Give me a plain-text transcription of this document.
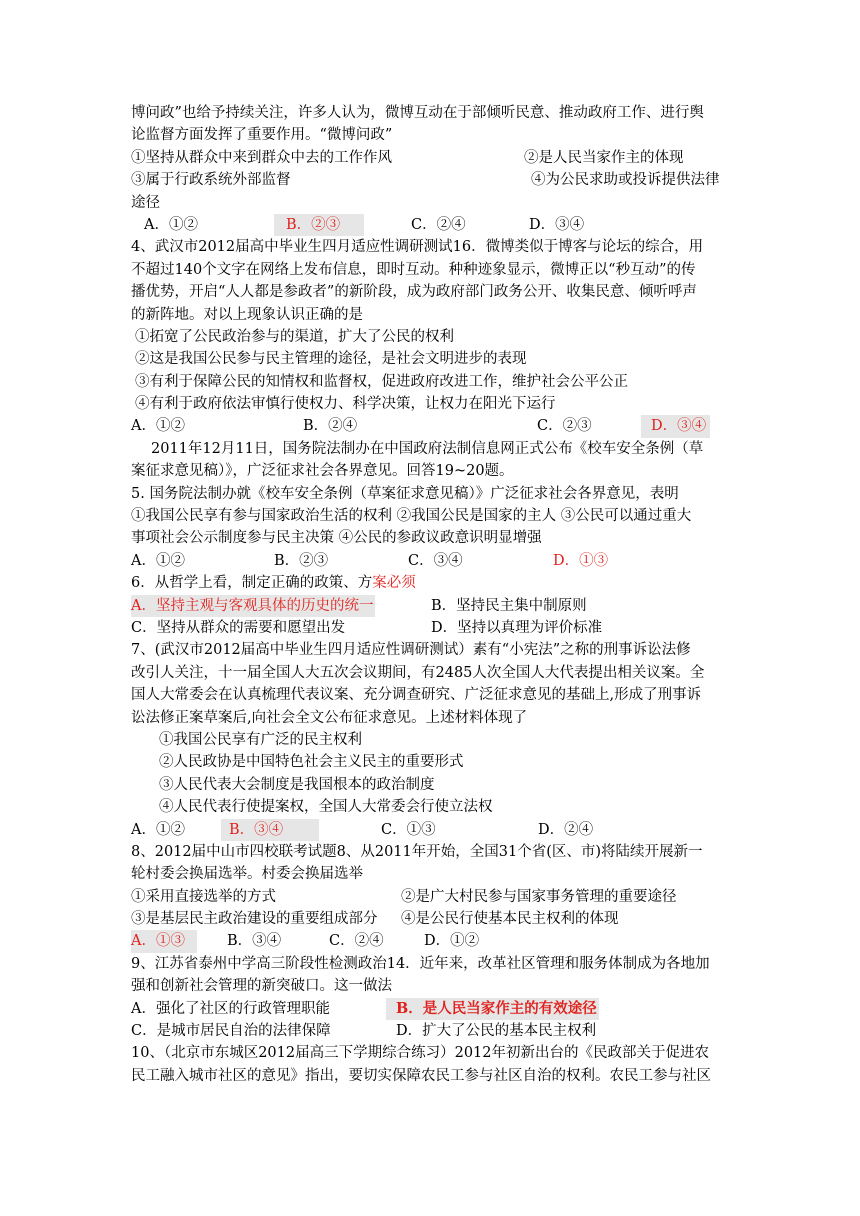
博问政”也给予持续关注，许多人认为，微博互动在于部倾听民意、推动政府工作、进行舆
论监督方面发挥了重要作用。“微博问政”
①坚持从群众中来到群众中去的工作作风	②是人民当家作主的体现
③属于行政系统外部监督	④为公民求助或投诉提供法律
途径
A．①②	B．②③	C．②④	D．③④
4、武汉市2012届高中毕业生四月适应性调研测试16．微博类似于博客与论坛的综合，用
不超过140个文字在网络上发布信息，即时互动。种种迹象显示，微博正以“秒互动”的传
播优势，开启“人人都是参政者”的新阶段，成为政府部门政务公开、收集民意、倾听呼声
的新阵地。对以上现象认识正确的是
①拓宽了公民政治参与的渠道，扩大了公民的权利
②这是我国公民参与民主管理的途径，是社会文明进步的表现
③有利于保障公民的知情权和监督权，促进政府改进工作，维护社会公平公正
④有利于政府依法审慎行使权力、科学决策，让权力在阳光下运行
A．①②	B．②④	C．②③	D．③④
2011年12月11日，国务院法制办在中国政府法制信息网正式公布《校车安全条例（草
案征求意见稿）》，广泛征求社会各界意见。回答19~20题。
5. 国务院法制办就《校车安全条例（草案征求意见稿）》广泛征求社会各界意见，表明
①我国公民享有参与国家政治生活的权利 ②我国公民是国家的主人 ③公民可以通过重大
事项社会公示制度参与民主决策 ④公民的参政议政意识明显增强
A．①②	B．②③	C．③④	D．①③
6．从哲学上看，制定正确的政策、方案必须
A．坚持主观与客观具体的历史的统一	B．坚持民主集中制原则
C．坚持从群众的需要和愿望出发	D．坚持以真理为评价标准
7、(武汉市2012届高中毕业生四月适应性调研测试）素有“小宪法”之称的刑事诉讼法修
改引人关注，十一届全国人大五次会议期间，有2485人次全国人大代表提出相关议案。全
国人大常委会在认真梳理代表议案、充分调查研究、广泛征求意见的基础上,形成了刑事诉
讼法修正案草案后,向社会全文公布征求意见。上述材料体现了
①我国公民享有广泛的民主权利
②人民政协是中国特色社会主义民主的重要形式
③人民代表大会制度是我国根本的政治制度
④人民代表行使提案权，全国人大常委会行使立法权
A．①②	B．③④	C．①③	D．②④
8、2012届中山市四校联考试题8、从2011年开始，全国31个省(区、市)将陆续开展新一
轮村委会换届选举。村委会换届选举
①采用直接选举的方式	②是广大村民参与国家事务管理的重要途径
③是基层民主政治建设的重要组成部分 ④是公民行使基本民主权利的体现
A．①③	B．③④	C．②④	D．①②
9、江苏省泰州中学高三阶段性检测政治14．近年来，改革社区管理和服务体制成为各地加
强和创新社会管理的新突破口。这一做法
A．强化了社区的行政管理职能	B．是人民当家作主的有效途径
C．是城市居民自治的法律保障	D．扩大了公民的基本民主权利
10、（北京市东城区2012届高三下学期综合练习）2012年初新出台的《民政部关于促进农
民工融入城市社区的意见》指出，要切实保障农民工参与社区自治的权利。农民工参与社区
